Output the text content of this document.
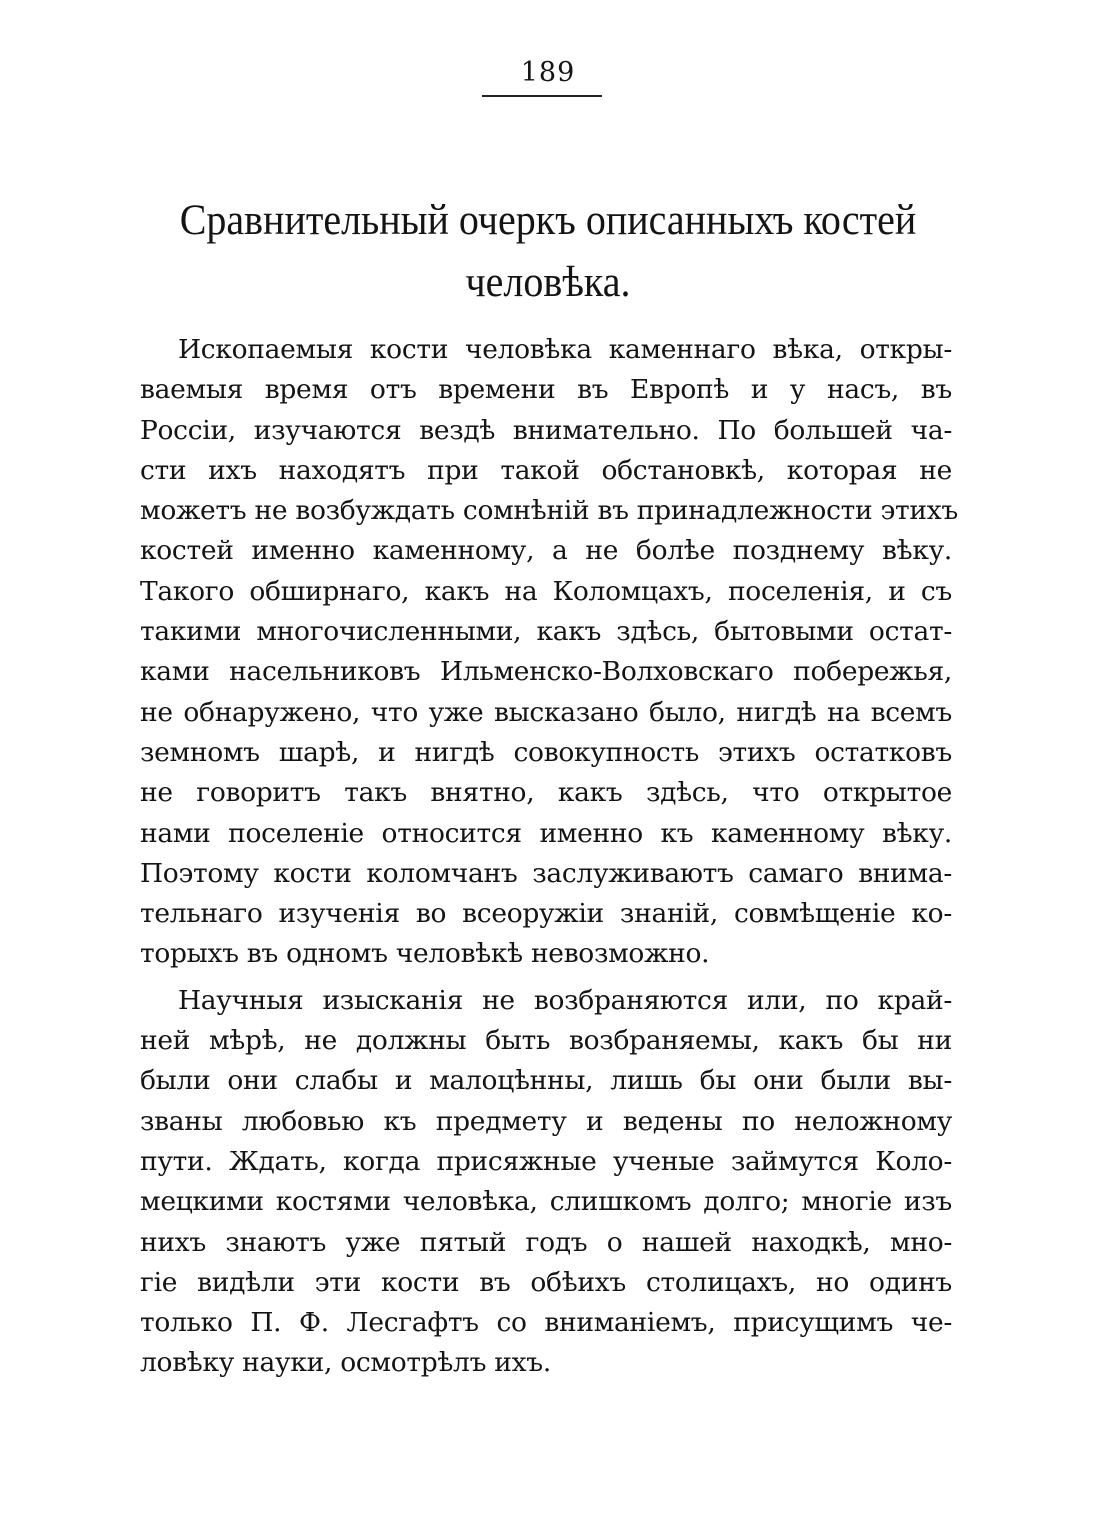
189
Сравнительный очеркъ описанныхъ костей
человѣка.
Ископаемыя кости человѣка каменнаго вѣка, откры-
ваемыя время отъ времени въ Европѣ и у насъ, въ
Россіи, изучаются вездѣ внимательно. По большей ча-
сти ихъ находятъ при такой обстановкѣ, которая не
можетъ не возбуждать сомнѣній въ принадлежности этихъ
костей именно каменному, а не болѣе позднему вѣку.
Такого обширнаго, какъ на Коломцахъ, поселенія, и съ
такими многочисленными, какъ здѣсь, бытовыми остат-
ками насельниковъ Ильменско-Волховскаго побережья,
не обнаружено, что уже высказано было, нигдѣ на всемъ
земномъ шарѣ, и нигдѣ совокупность этихъ остатковъ
не говоритъ такъ внятно, какъ здѣсь, что открытое
нами поселеніе относится именно къ каменному вѣку.
Поэтому кости коломчанъ заслуживаютъ самаго внима-
тельнаго изученія во всеоружіи знаній, совмѣщеніе ко-
торыхъ въ одномъ человѣкѣ невозможно.
Научныя изысканія не возбраняются или, по край-
ней мѣрѣ, не должны быть возбраняемы, какъ бы ни
были они слабы и малоцѣнны, лишь бы они были вы-
званы любовью къ предмету и ведены по неложному
пути. Ждать, когда присяжные ученые займутся Коло-
мецкими костями человѣка, слишкомъ долго; многіе изъ
нихъ знаютъ уже пятый годъ о нашей находкѣ, мно-
гіе видѣли эти кости въ обѣихъ столицахъ, но одинъ
только П. Ф. Лесгафтъ со вниманіемъ, присущимъ че-
ловѣку науки, осмотрѣлъ ихъ.
